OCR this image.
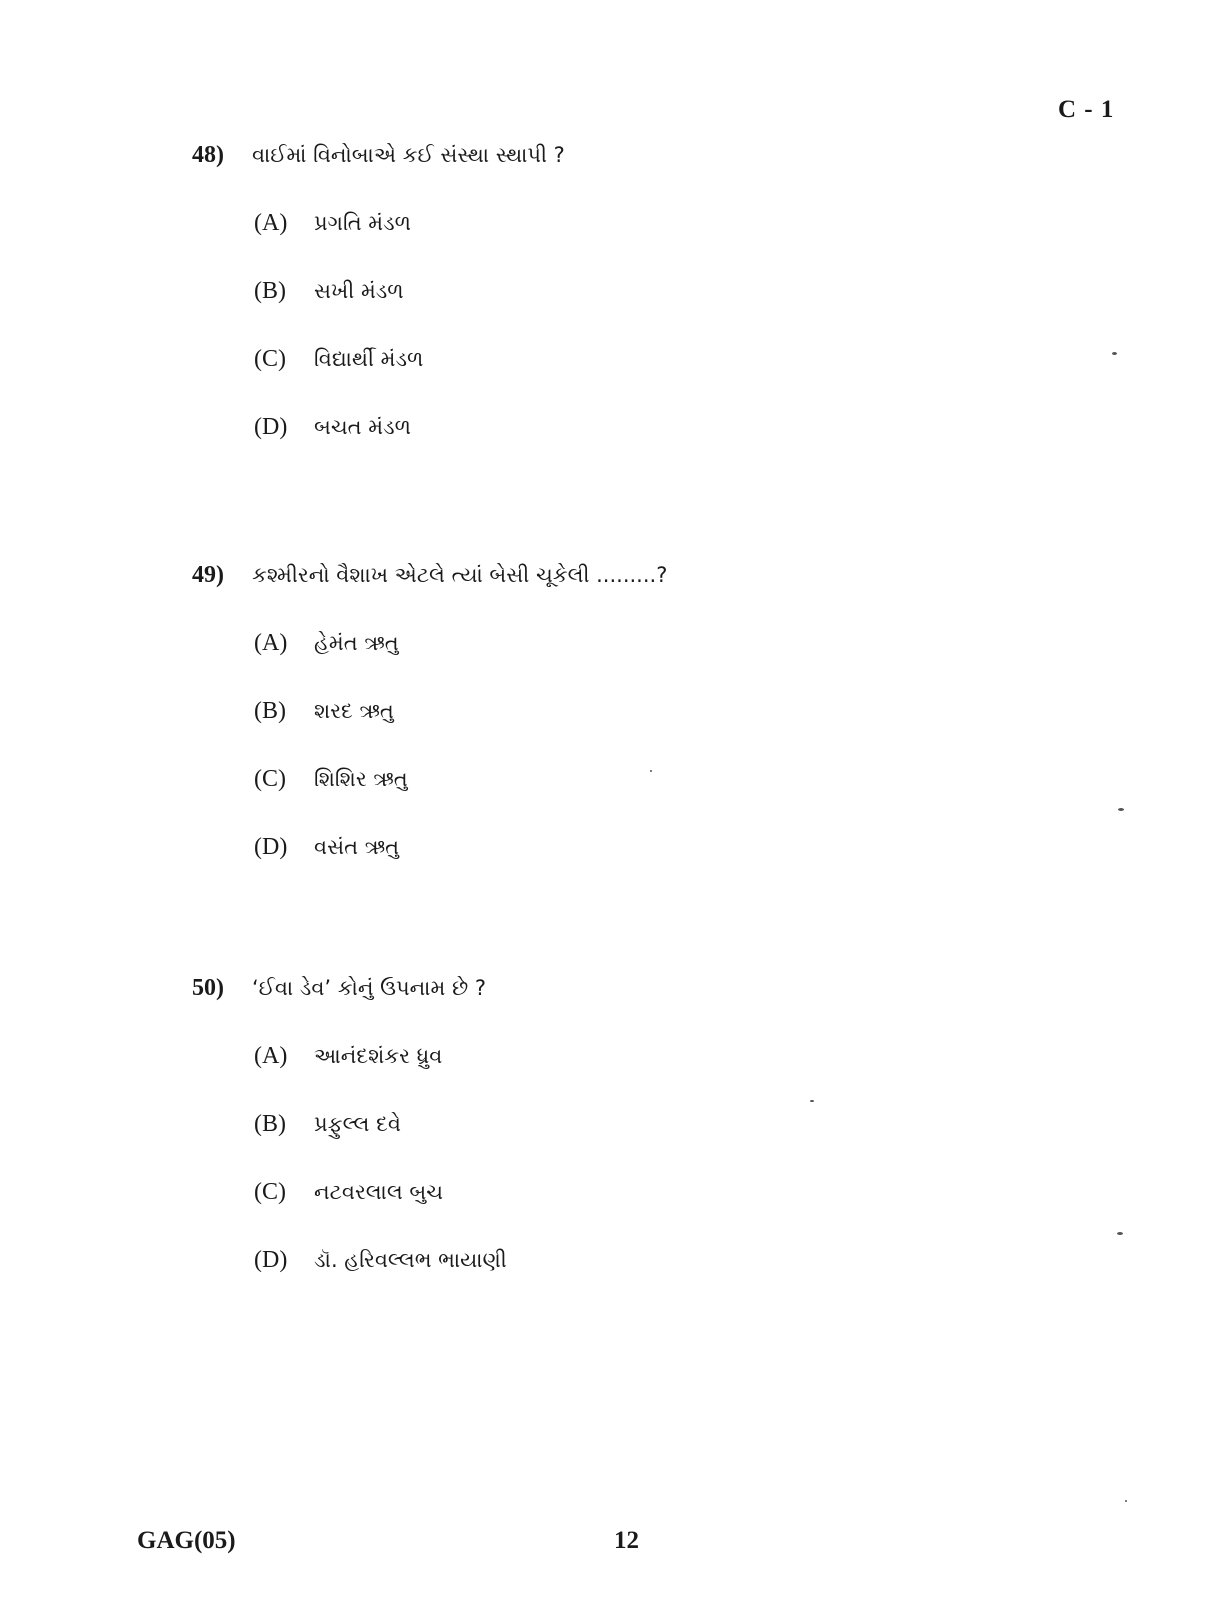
C - 1
48)	વાઈમાં વિનોબાએ કઈ સંસ્થા સ્થાપી ?
(A)	પ્રગતિ મંડળ
(B)	સખી મંડળ
(C)	વિદ્યાર્થી મંડળ
(D)	બચત મંડળ
49)	કશ્મીરનો વૈશાખ એટલે ત્યાં બેસી ચૂકેલી .........?
(A)	હેમંત ઋતુ
(B)	શરદ ઋતુ
(C)	શિશિર ઋતુ
(D)	વસંત ઋતુ
50)	‘ઈવા ડેવ’ કોનું ઉપનામ છે ?
(A)	આનંદશંકર ધ્રુવ
(B)	પ્રફુલ્લ દવે
(C)	નટવરલાલ બુચ
(D)	ડૉ. હરિવલ્લભ ભાયાણી
GAG(05)	12
